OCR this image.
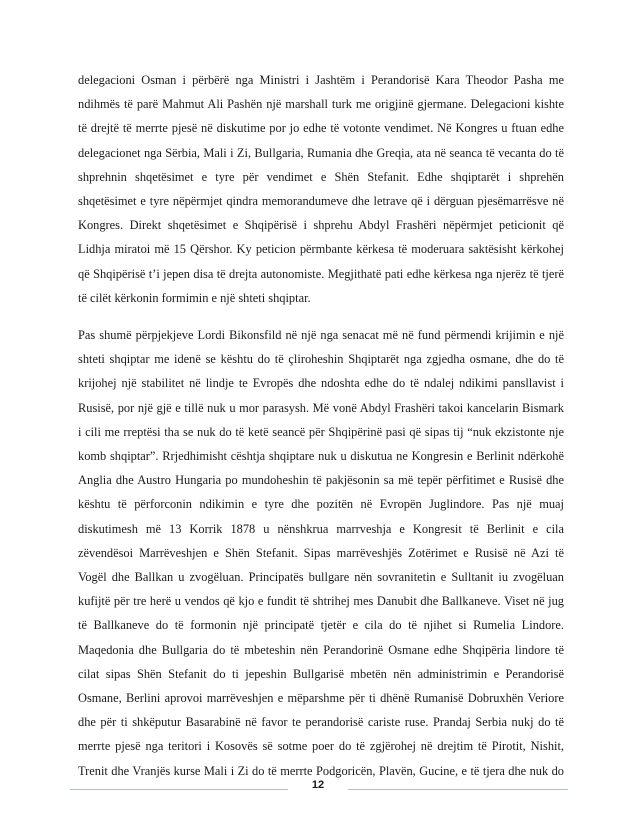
delegacioni Osman i përbërë nga Ministri i Jashtëm i Perandorisë Kara Theodor Pasha me
ndihmës të parë Mahmut Ali Pashën një marshall turk me origjinë gjermane. Delegacioni kishte
të drejtë të merrte pjesë në diskutime por jo edhe të votonte vendimet. Në Kongres u ftuan edhe
delegacionet nga Sërbia, Mali i Zi, Bullgaria, Rumania dhe Greqia, ata në seanca të vecanta do të
shprehnin shqetësimet e tyre për vendimet e Shën Stefanit. Edhe shqiptarët i shprehën
shqetësimet e tyre nëpërmjet qindra memorandumeve dhe letrave që i dërguan pjesëmarrësve në
Kongres. Direkt shqetësimet e Shqipërisë i shprehu Abdyl Frashëri nëpërmjet peticionit që
Lidhja miratoi më 15 Qërshor. Ky peticion përmbante kërkesa të moderuara saktësisht kërkohej
që Shqipërisë t’i jepen disa të drejta autonomiste. Megjithatë pati edhe kërkesa nga njerëz të tjerë
të cilët kërkonin formimin e një shteti shqiptar.

Pas shumë përpjekjeve Lordi Bikonsfild në një nga senacat më në fund përmendi krijimin e një
shteti shqiptar me idenë se kështu do të çliroheshin Shqiptarët nga zgjedha osmane, dhe do të
krijohej një stabilitet në lindje te Evropës dhe ndoshta edhe do të ndalej ndikimi pansllavist i
Rusisë, por një gjë e tillë nuk u mor parasysh. Më vonë Abdyl Frashëri takoi kancelarin Bismark
i cili me rreptësi tha se nuk do të ketë seancë për Shqipërinë pasi që sipas tij “nuk ekzistonte nje
komb shqiptar”. Rrjedhimisht cështja shqiptare nuk u diskutua ne Kongresin e Berlinit ndërkohë
Anglia dhe Austro Hungaria po mundoheshin të pakjësonin sa më tepër përfitimet e Rusisë dhe
kështu të përforconin ndikimin e tyre dhe pozitën në Evropën Juglindore. Pas një muaj
diskutimesh më 13 Korrik 1878 u nënshkrua marrveshja e Kongresit të Berlinit e cila
zëvendësoi Marrëveshjen e Shën Stefanit. Sipas marrëveshjës Zotërimet e Rusisë në Azi të
Vogël dhe Ballkan u zvogëluan. Principatës bullgare nën sovranitetin e Sulltanit iu zvogëluan
kufijtë për tre herë u vendos që kjo e fundit të shtrihej mes Danubit dhe Ballkaneve. Viset në jug
të Ballkaneve do të formonin një principatë tjetër e cila do të njihet si Rumelia Lindore.
Maqedonia dhe Bullgaria do të mbeteshin nën Perandorinë Osmane edhe Shqipëria lindore të
cilat sipas Shën Stefanit do ti jepeshin Bullgarisë mbetën nën administrimin e Perandorisë
Osmane, Berlini aprovoi marrëveshjen e mëparshme për ti dhënë Rumanisë Dobruxhën Veriore
dhe për ti shkëputur Basarabinë në favor te perandorisë cariste ruse. Prandaj Serbia nukj do të
merrte pjesë nga teritori i Kosovës së sotme poer do të zgjërohej në drejtim të Pirotit, Nishit,
Trenit dhe Vranjës kurse Mali i Zi do të merrte Podgoricën, Plavën, Gucine, e të tjera dhe nuk do

12
